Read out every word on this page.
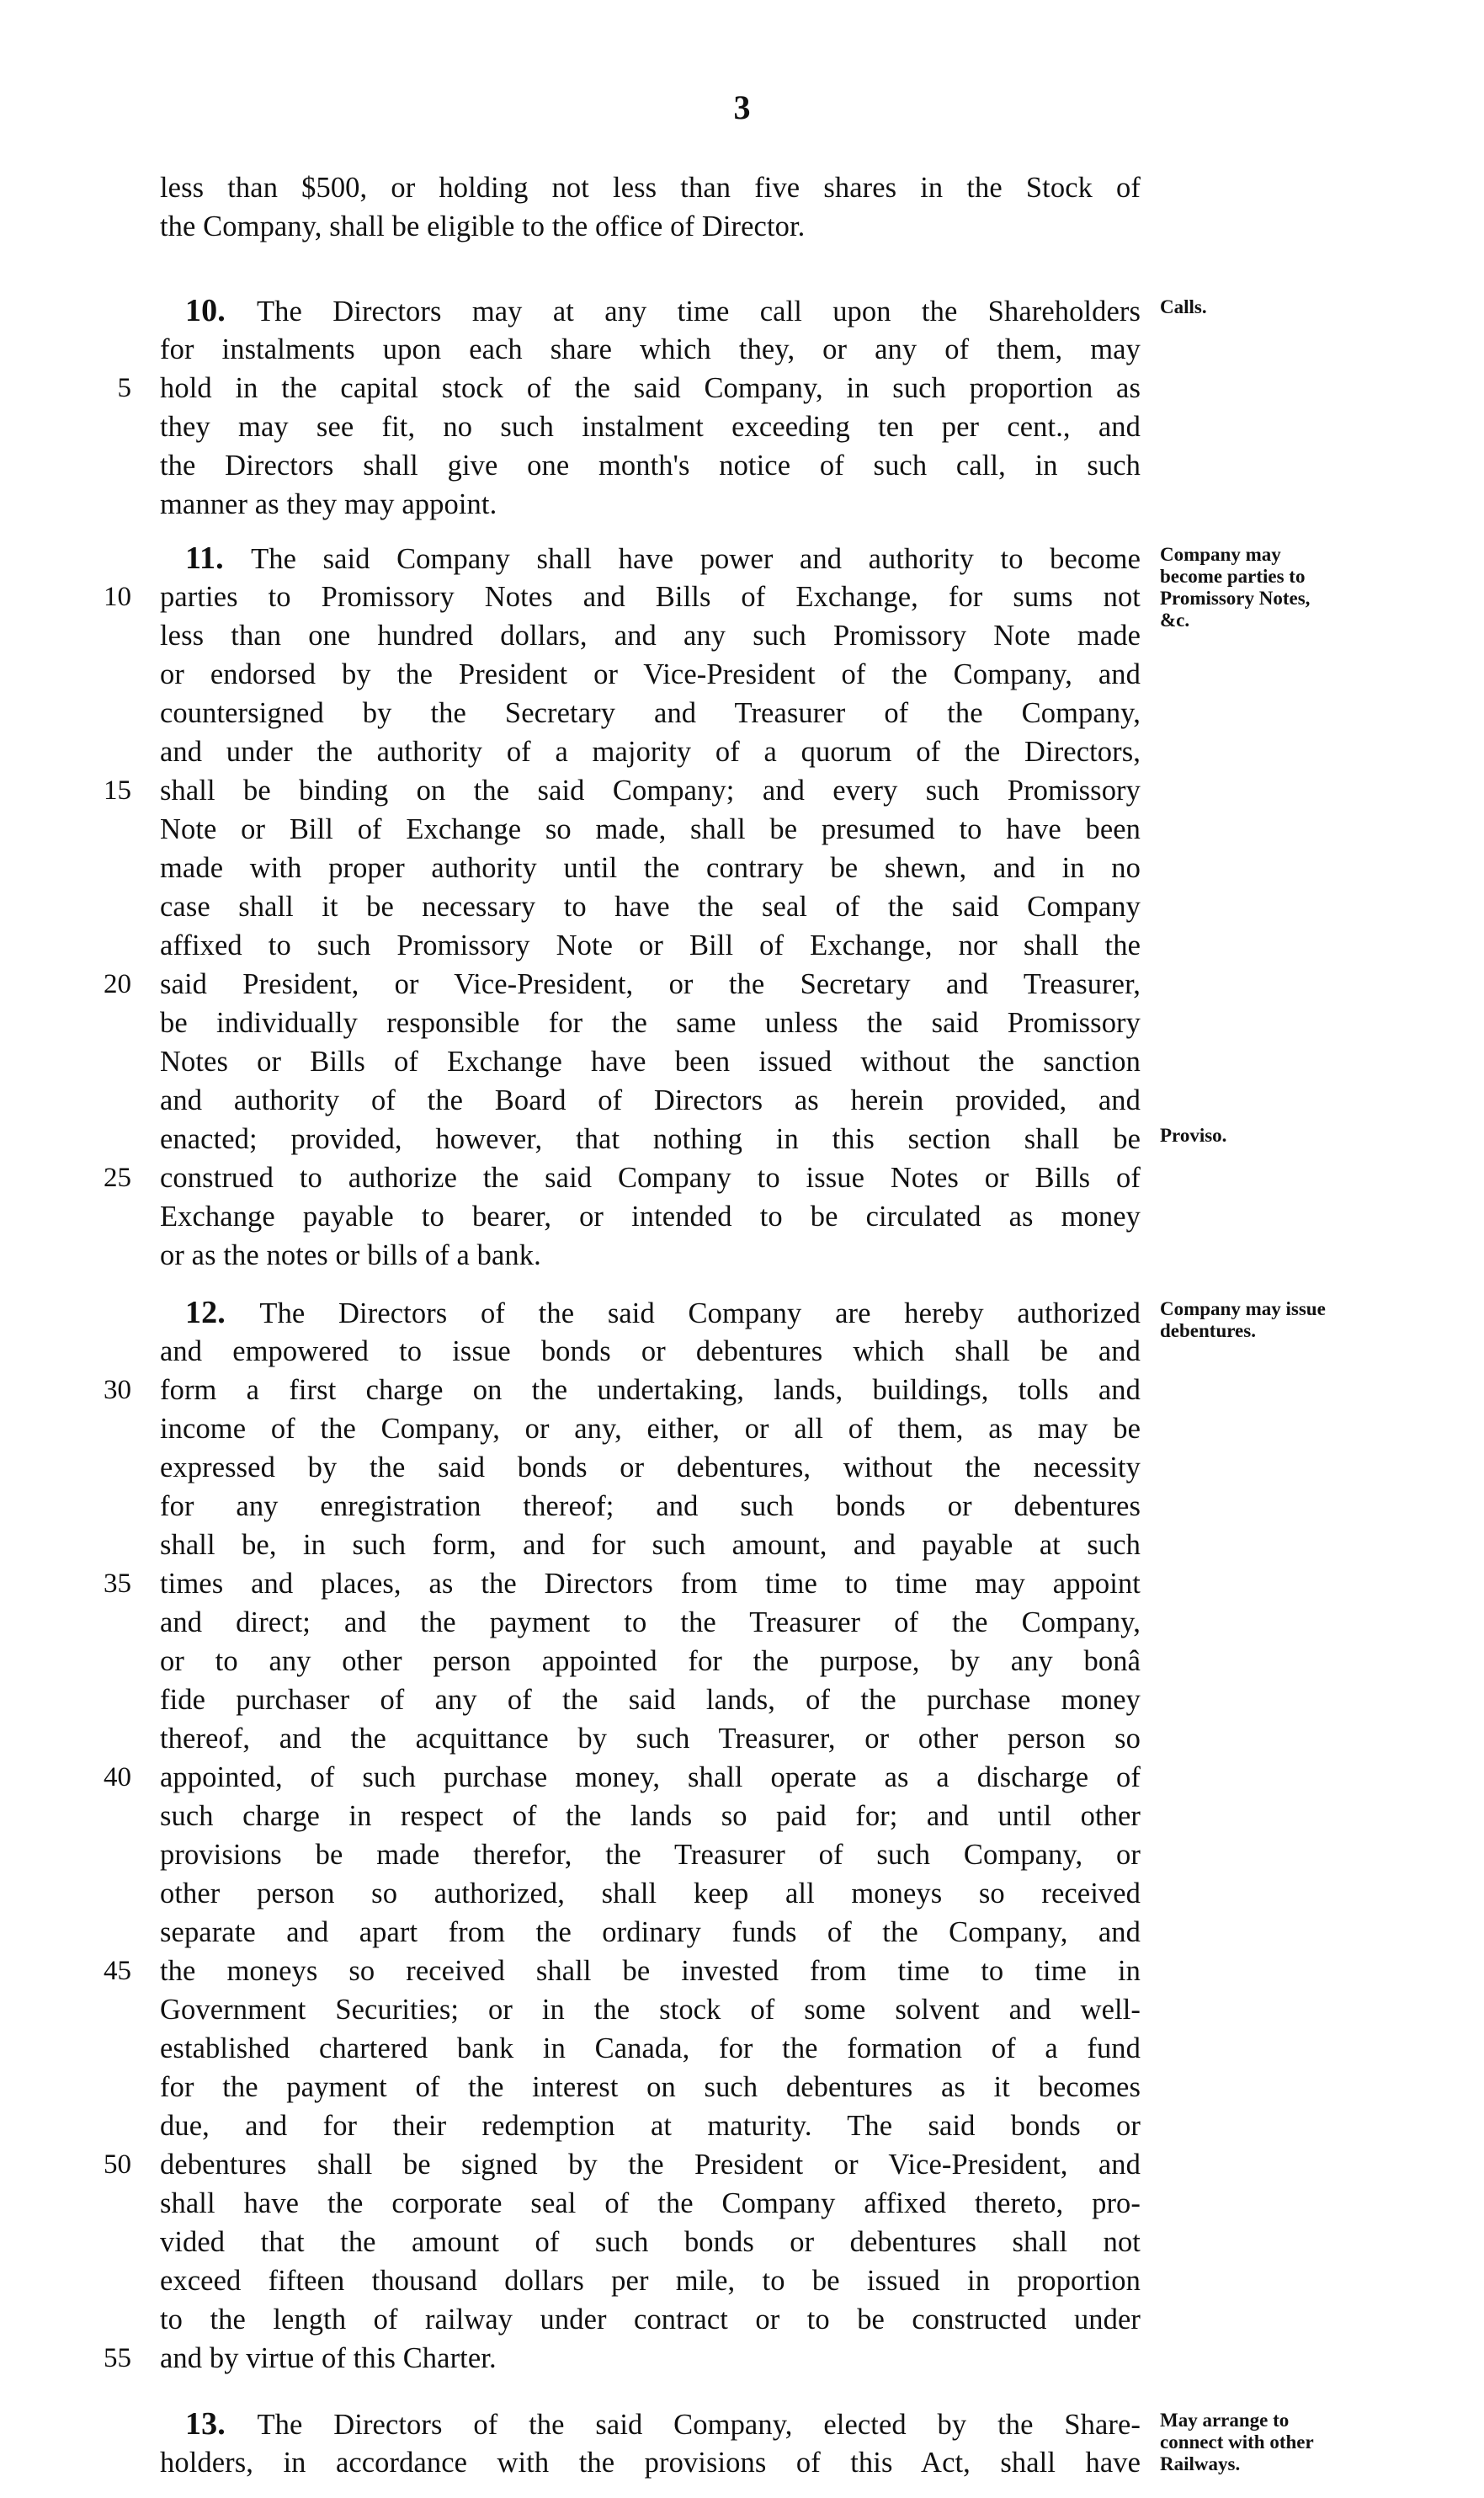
3
less than $500, or holding not less than five shares in the Stock of
the Company, shall be eligible to the office of Director.
10. The Directors may at any time call upon the Shareholders
for instalments upon each share which they, or any of them, may
hold in the capital stock of the said Company, in such proportion as
5
they may see fit, no such instalment exceeding ten per cent., and
the Directors shall give one month's notice of such call, in such
manner as they may appoint.
11. The said Company shall have power and authority to become
parties to Promissory Notes and Bills of Exchange, for sums not
10
less than one hundred dollars, and any such Promissory Note made
or endorsed by the President or Vice-President of the Company, and
countersigned by the Secretary and Treasurer of the Company,
and under the authority of a majority of a quorum of the Directors,
shall be binding on the said Company; and every such Promissory
15
Note or Bill of Exchange so made, shall be presumed to have been
made with proper authority until the contrary be shewn, and in no
case shall it be necessary to have the seal of the said Company
affixed to such Promissory Note or Bill of Exchange, nor shall the
said President, or Vice-President, or the Secretary and Treasurer,
20
be individually responsible for the same unless the said Promissory
Notes or Bills of Exchange have been issued without the sanction
and authority of the Board of Directors as herein provided, and
enacted; provided, however, that nothing in this section shall be
construed to authorize the said Company to issue Notes or Bills of
25
Exchange payable to bearer, or intended to be circulated as money
or as the notes or bills of a bank.
12. The Directors of the said Company are hereby authorized
and empowered to issue bonds or debentures which shall be and
form a first charge on the undertaking, lands, buildings, tolls and
30
income of the Company, or any, either, or all of them, as may be
expressed by the said bonds or debentures, without the necessity
for any enregistration thereof; and such bonds or debentures
shall be, in such form, and for such amount, and payable at such
times and places, as the Directors from time to time may appoint
35
and direct; and the payment to the Treasurer of the Company,
or to any other person appointed for the purpose, by any bonâ
fide purchaser of any of the said lands, of the purchase money
thereof, and the acquittance by such Treasurer, or other person so
appointed, of such purchase money, shall operate as a discharge of
40
such charge in respect of the lands so paid for; and until other
provisions be made therefor, the Treasurer of such Company, or
other person so authorized, shall keep all moneys so received
separate and apart from the ordinary funds of the Company, and
the moneys so received shall be invested from time to time in
45
Government Securities; or in the stock of some solvent and well-
established chartered bank in Canada, for the formation of a fund
for the payment of the interest on such debentures as it becomes
due, and for their redemption at maturity. The said bonds or
debentures shall be signed by the President or Vice-President, and
50
shall have the corporate seal of the Company affixed thereto, pro-
vided that the amount of such bonds or debentures shall not
exceed fifteen thousand dollars per mile, to be issued in proportion
to the length of railway under contract or to be constructed under
and by virtue of this Charter.
55
13. The Directors of the said Company, elected by the Share-
holders, in accordance with the provisions of this Act, shall have
Calls.
Company may become parties to Promissory Notes, &c.
Proviso.
Company may issue debentures.
May arrange to connect with other Railways.
